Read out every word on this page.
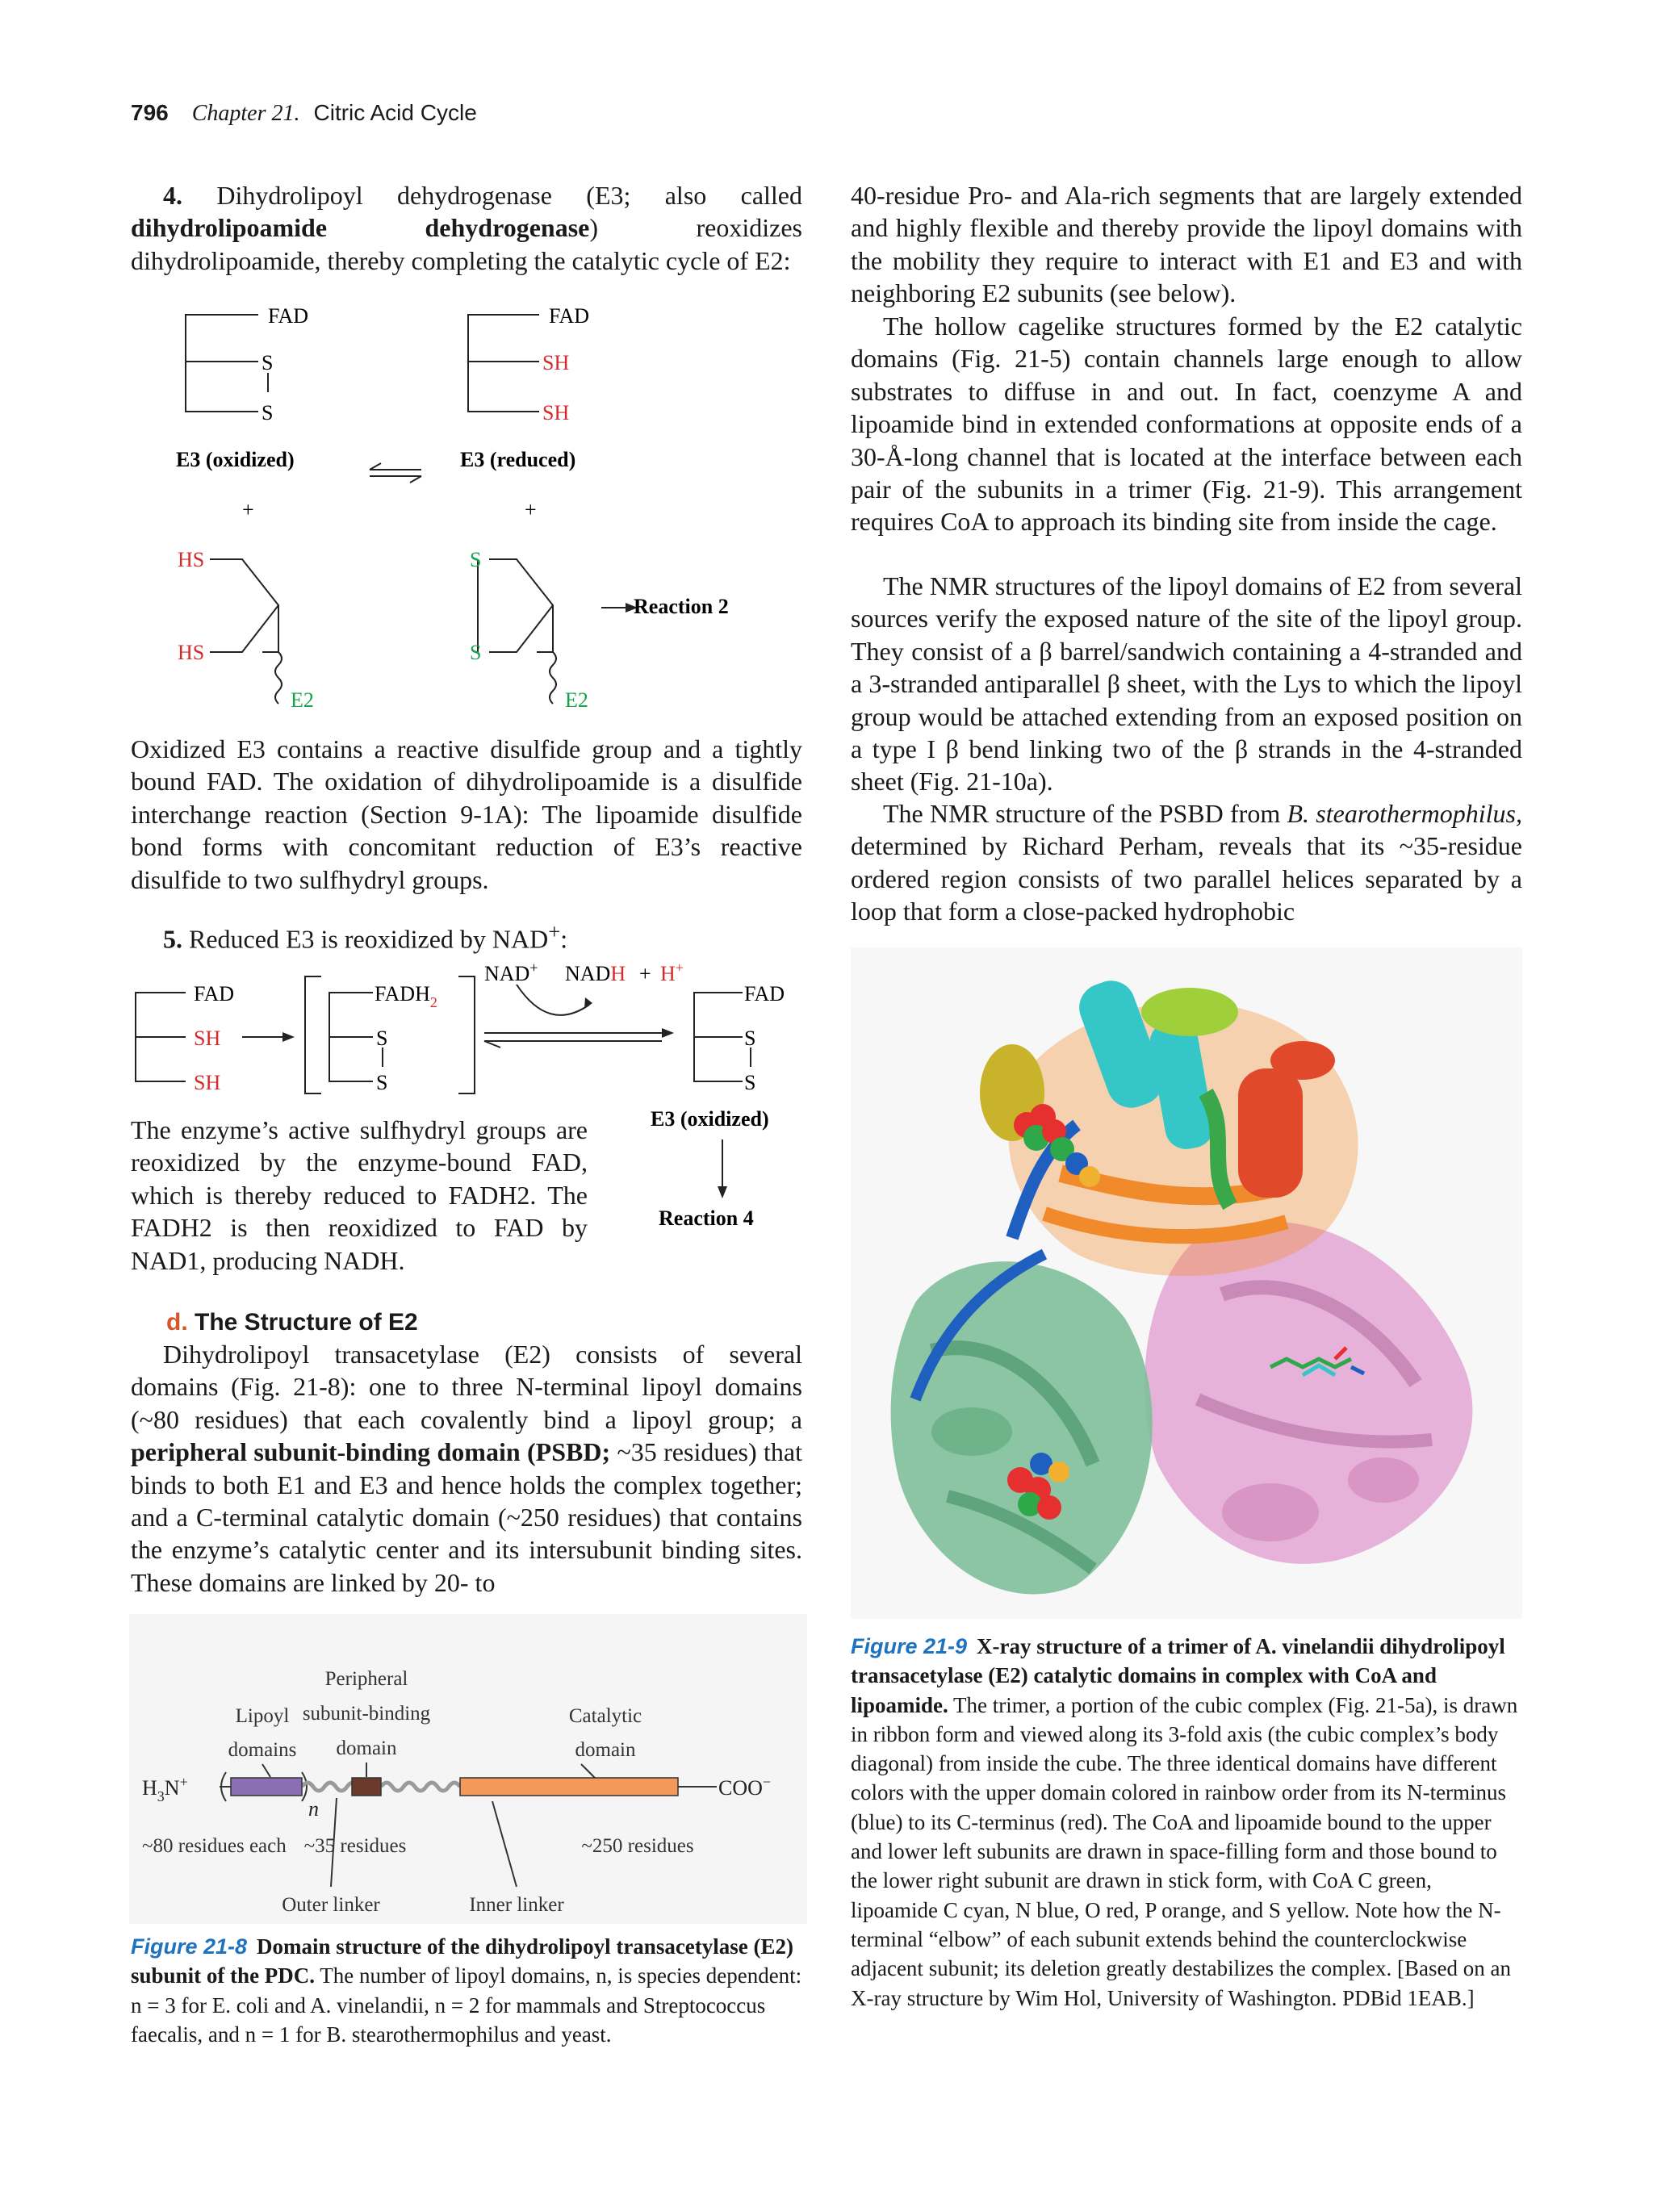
796 Chapter 21. Citric Acid Cycle

4. Dihydrolipoyl dehydrogenase (E3; also called dihydrolipoamide dehydrogenase) reoxidizes dihydrolipoamide, thereby completing the catalytic cycle of E2:

FAD
S
S
FAD
SH
SH
E3 (oxidized)	E3 (reduced)
+	+
HS
HS
E2
S
S
E2
Reaction 2

Oxidized E3 contains a reactive disulfide group and a tightly bound FAD. The oxidation of dihydrolipoamide is a disulfide interchange reaction (Section 9-1A): The lipoamide disulfide bond forms with concomitant reduction of E3’s reactive disulfide to two sulfhydryl groups.

5. Reduced E3 is reoxidized by NAD+:

FAD
SH
SH
$FADH_2$
S
S
NAD+ NADH + H+
FAD
S
S
E3 (oxidized)
Reaction 4

The enzyme’s active sulfhydryl groups are reoxidized by the enzyme-bound FAD, which is thereby reduced to FADH2. The FADH2 is then reoxidized to FAD by NAD1, producing NADH.

d. The Structure of E2

Dihydrolipoyl transacetylase (E2) consists of several domains (Fig. 21-8): one to three N-terminal lipoyl domains (~80 residues) that each covalently bind a lipoyl group; a peripheral subunit-binding domain (PSBD; ~35 residues) that binds to both E1 and E3 and hence holds the complex together; and a C-terminal catalytic domain (~250 residues) that contains the enzyme’s catalytic center and its intersubunit binding sites. These domains are linked by 20- to

Peripheral
subunit-binding
domain
Lipoyl
domains
Catalytic
domain
~80 residues each ~35 residues	~250 residues
Outer linker	Inner linker
$H_3N^+$	COO−
n

Figure 21-8 Domain structure of the dihydrolipoyl transacetylase (E2) subunit of the PDC. The number of lipoyl domains, n, is species dependent: n = 3 for E. coli and A. vinelandii, n = 2 for mammals and Streptococcus faecalis, and n = 1 for B. stearothermophilus and yeast.

40-residue Pro- and Ala-rich segments that are largely extended and highly flexible and thereby provide the lipoyl domains with the mobility they require to interact with E1 and E3 and with neighboring E2 subunits (see below).

The hollow cagelike structures formed by the E2 catalytic domains (Fig. 21-5) contain channels large enough to allow substrates to diffuse in and out. In fact, coenzyme A and lipoamide bind in extended conformations at opposite ends of a 30-Å-long channel that is located at the interface between each pair of the subunits in a trimer (Fig. 21-9). This arrangement requires CoA to approach its binding site from inside the cage.

The NMR structures of the lipoyl domains of E2 from several sources verify the exposed nature of the site of the lipoyl group. They consist of a β barrel/sandwich containing a 4-stranded and a 3-stranded antiparallel β sheet, with the Lys to which the lipoyl group would be attached extending from an exposed position on a type I β bend linking two of the β strands in the 4-stranded sheet (Fig. 21-10a).

The NMR structure of the PSBD from B. stearothermophilus, determined by Richard Perham, reveals that its ~35-residue ordered region consists of two parallel helices separated by a loop that form a close-packed hydrophobic

Figure 21-9 X-ray structure of a trimer of A. vinelandii dihydrolipoyl transacetylase (E2) catalytic domains in complex with CoA and lipoamide. The trimer, a portion of the cubic complex (Fig. 21-5a), is drawn in ribbon form and viewed along its 3-fold axis (the cubic complex’s body diagonal) from inside the cube. The three identical domains have different colors with the upper domain colored in rainbow order from its N-terminus (blue) to its C-terminus (red). The CoA and lipoamide bound to the upper and lower left subunits are drawn in space-filling form and those bound to the lower right subunit are drawn in stick form, with CoA C green, lipoamide C cyan, N blue, O red, P orange, and S yellow. Note how the N-terminal “elbow” of each subunit extends behind the counterclockwise adjacent subunit; its deletion greatly destabilizes the complex. [Based on an X-ray structure by Wim Hol, University of Washington. PDBid 1EAB.]
